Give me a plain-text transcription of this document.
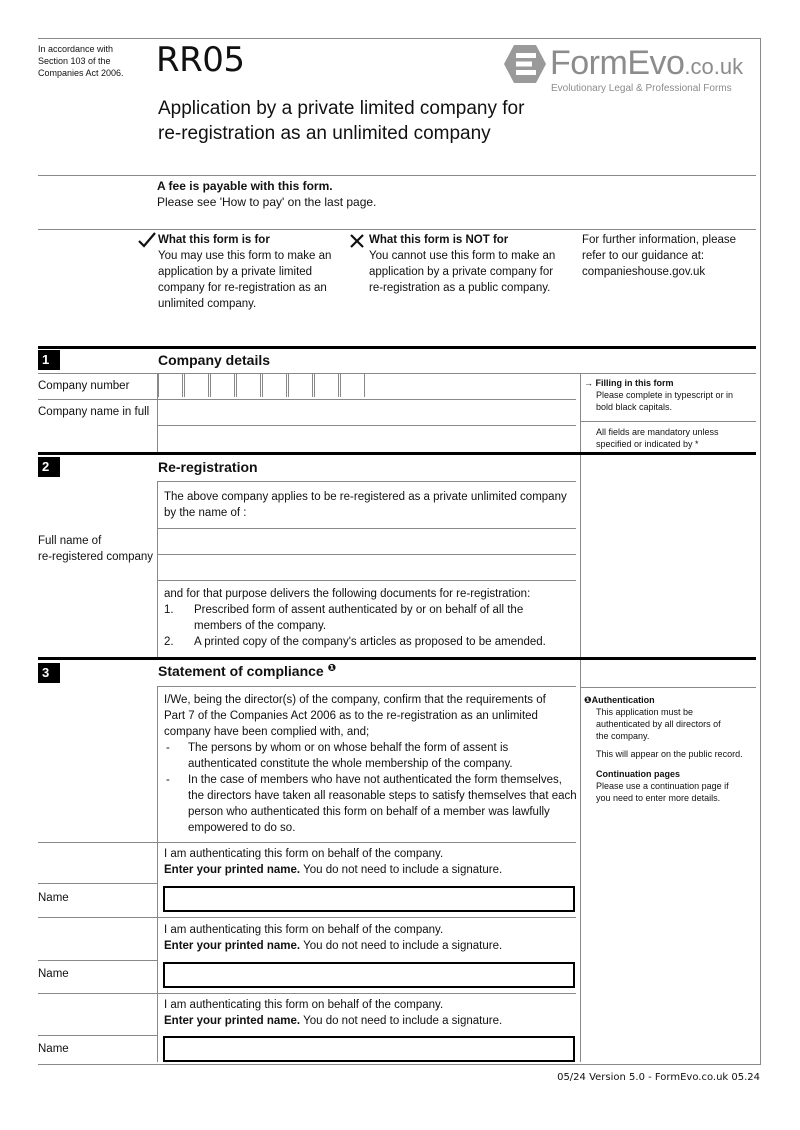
In accordance with
Section 103 of the
Companies Act 2006. RR05	FormEvo.co.uk
Evolutionary Legal & Professional Forms
Application by a private limited company for
re-registration as an unlimited company
A fee is payable with this form.
Please see 'How to pay' on the last page.
What this form is for
You may use this form to make an
application by a private limited
company for re-registration as an
unlimited company.
What this form is NOT for
You cannot use this form to make an
application by a private company for
re-registration as a public company.
For further information, please
refer to our guidance at:
companieshouse.gov.uk
1	Company details
Company number
Company name in full
→ Filling in this form
Please complete in typescript or in
bold black capitals.
All fields are mandatory unless
specified or indicated by *
2	Re-registration
The above company applies to be re-registered as a private unlimited company
by the name of :
Full name of
re-registered company
and for that purpose delivers the following documents for re-registration:
1. Prescribed form of assent authenticated by or on behalf of all the
members of the company.
2. A printed copy of the company's articles as proposed to be amended.
3	Statement of compliance $^❶$
I/We, being the director(s) of the company, confirm that the requirements of
Part 7 of the Companies Act 2006 as to the re-registration as an unlimited
company have been complied with, and;
- The persons by whom or on whose behalf the form of assent is
authenticated constitute the whole membership of the company.
- In the case of members who have not authenticated the form themselves,
the directors have taken all reasonable steps to satisfy themselves that each
person who authenticated this form on behalf of a member was lawfully
empowered to do so.
❶Authentication
This application must be
authenticated by all directors of
the company.
This will appear on the public record.
Continuation pages
Please use a continuation page if
you need to enter more details.
I am authenticating this form on behalf of the company.
Enter your printed name. You do not need to include a signature.
Name
I am authenticating this form on behalf of the company.
Enter your printed name. You do not need to include a signature.
Name
I am authenticating this form on behalf of the company.
Enter your printed name. You do not need to include a signature.
Name
05/24 Version 5.0 - FormEvo.co.uk 05.24
